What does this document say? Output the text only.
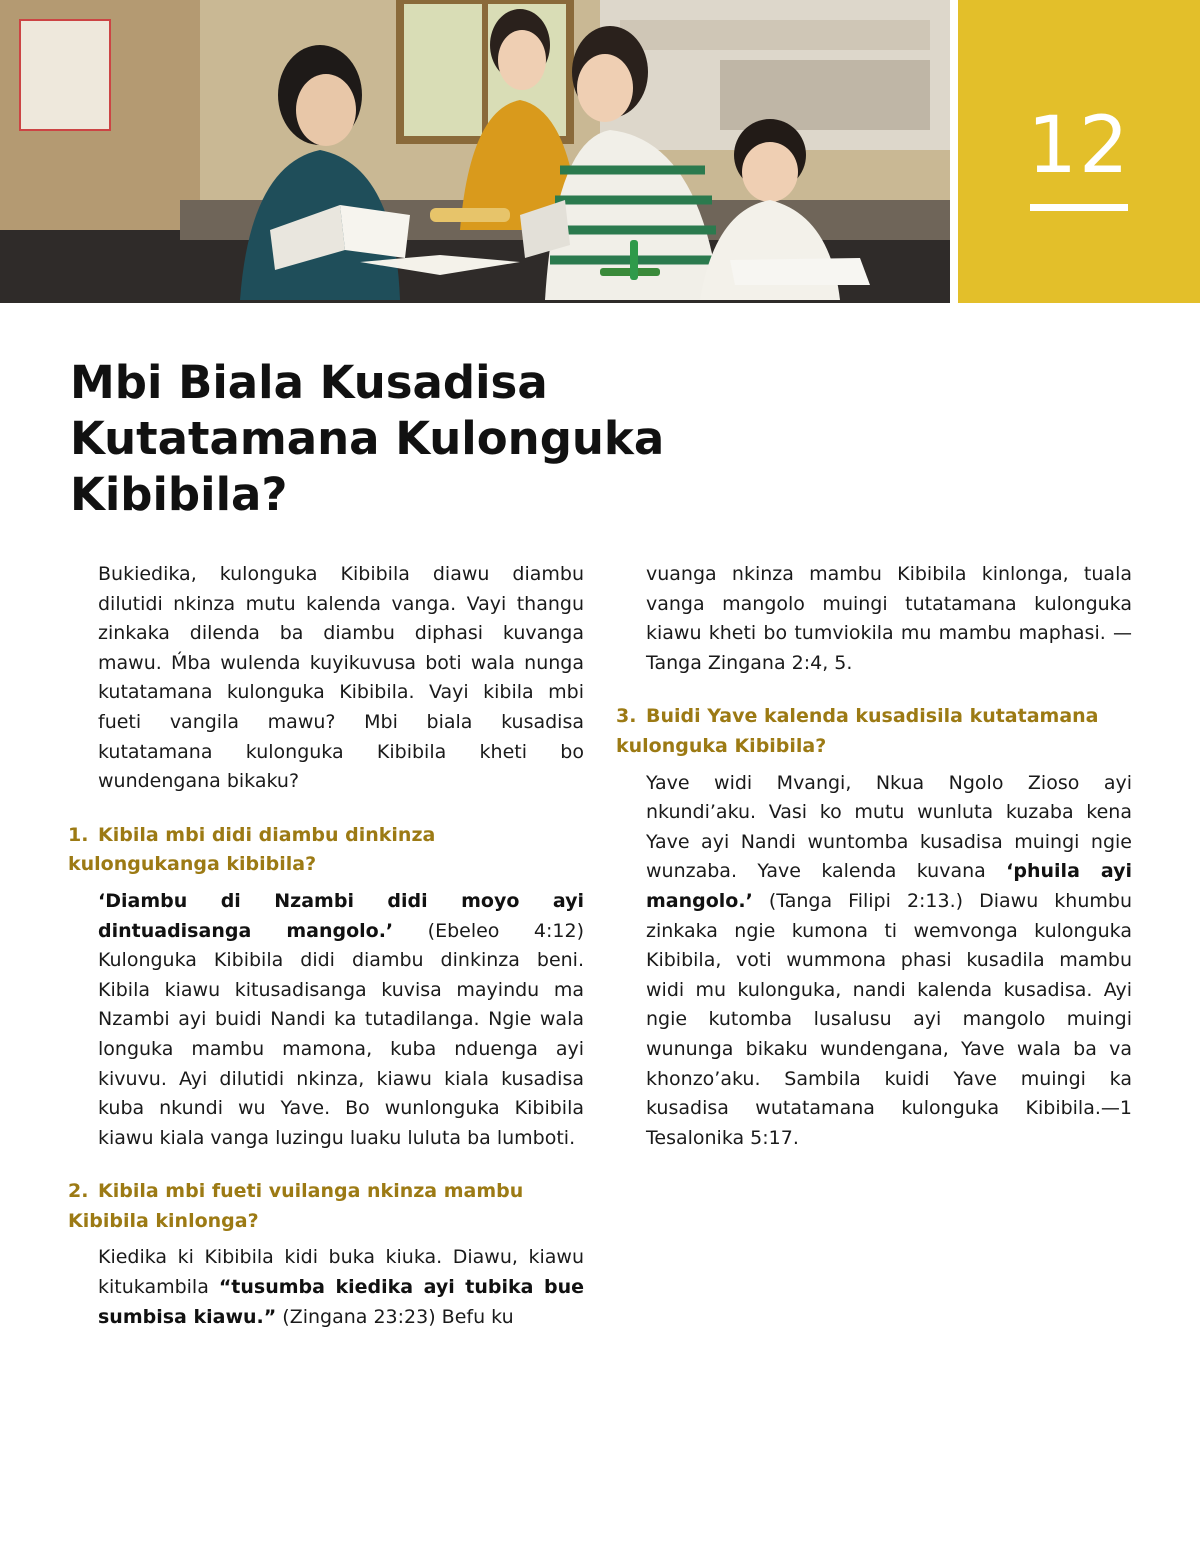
12
Mbi Biala Kusadisa
Kutatamana Kulonguka
Kibibila?

Bukiedika, kulonguka Kibibila diawu diambu dilutidi nkinza mutu kalenda vanga. Vayi thangu zinkaka dilenda ba diambu diphasi kuvanga mawu. Ḿba wulenda kuyikuvusa boti wala nunga kutatamana kulonguka Kibibila. Vayi kibila mbi fueti vangila mawu? Mbi biala kusadisa kutatamana kulonguka Kibibila kheti bo wundengana bikaku?

1. Kibila mbi didi diambu dinkinza kulongukanga kibibila?

‘Diambu di Nzambi didi moyo ayi dintuadisanga mangolo.’ (Ebeleo 4:12) Kulonguka Kibibila didi diambu dinkinza beni. Kibila kiawu kitusadisanga kuvisa mayindu ma Nzambi ayi buidi Nandi ka tutadilanga. Ngie wala longuka mambu mamona, kuba nduenga ayi kivuvu. Ayi dilutidi nkinza, kiawu kiala kusadisa kuba nkundi wu Yave. Bo wunlonguka Kibibila kiawu kiala vanga luzingu luaku luluta ba lumboti.

2. Kibila mbi fueti vuilanga nkinza mambu Kibibila kinlonga?

Kiedika ki Kibibila kidi buka kiuka. Diawu, kiawu kitukambila “tusumba kiedika ayi tubika bue sumbisa kiawu.” (Zingana 23:23) Befu ku

vuanga nkinza mambu Kibibila kinlonga, tuala vanga mangolo muingi tutatamana kulonguka kiawu kheti bo tumviokila mu mambu maphasi. —Tanga Zingana 2:4, 5.

3. Buidi Yave kalenda kusadisila kutatamana kulonguka Kibibila?

Yave widi Mvangi, Nkua Ngolo Zioso ayi nkundi’aku. Vasi ko mutu wunluta kuzaba kena Yave ayi Nandi wuntomba kusadisa muingi ngie wunzaba. Yave kalenda kuvana ‘phuila ayi mangolo.’ (Tanga Filipi 2:13.) Diawu khumbu zinkaka ngie kumona ti wemvonga kulonguka Kibibila, voti wummona phasi kusadila mambu widi mu kulonguka, nandi kalenda kusadisa. Ayi ngie kutomba lusalusu ayi mangolo muingi wununga bikaku wundengana, Yave wala ba va khonzo’aku. Sambila kuidi Yave muingi ka kusadisa wutatamana kulonguka Kibibila.—1 Tesalonika 5:17.
